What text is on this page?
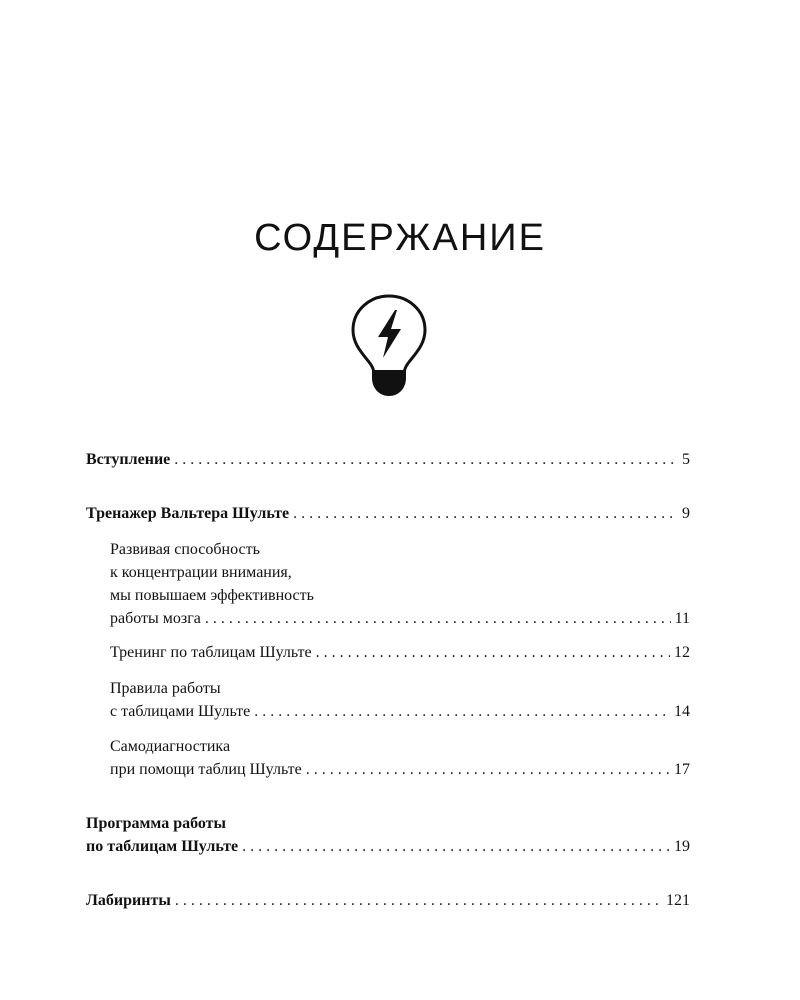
СОДЕРЖАНИЕ
Вступление . . .	5
Тренажер Вальтера Шульте . . .	9
Развивая способность
к концентрации внимания,
мы повышаем эффективность
работы мозга . . .	11
Тренинг по таблицам Шульте . . .	12
Правила работы
с таблицами Шульте . . .	14
Самодиагностика
при помощи таблиц Шульте . . .	17
Программа работы
по таблицам Шульте . . .	19
Лабиринты . . .	121
